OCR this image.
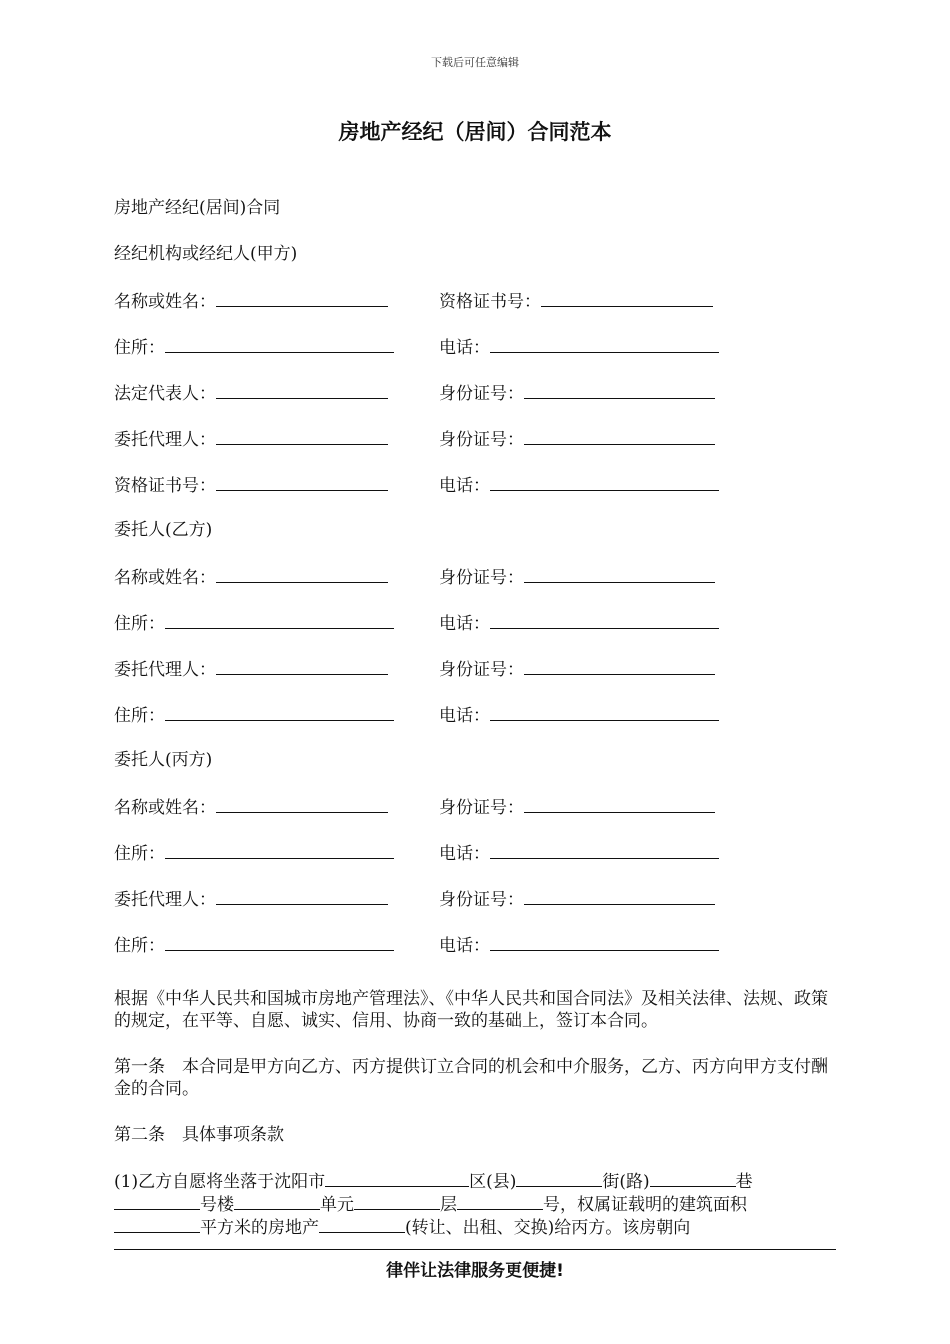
下载后可任意编辑
房地产经纪（居间）合同范本
房地产经纪(居间)合同
经纪机构或经纪人(甲方)
名称或姓名：	资格证书号：
住所：	电话：
法定代表人：	身份证号：
委托代理人：	身份证号：
资格证书号：	电话：
委托人(乙方)
名称或姓名：	身份证号：
住所：	电话：
委托代理人：	身份证号：
住所：	电话：
委托人(丙方)
名称或姓名：	身份证号：
住所：	电话：
委托代理人：	身份证号：
住所：	电话：

根据《中华人民共和国城市房地产管理法》、《中华人民共和国合同法》及相关法律、法规、政策的规定，在平等、自愿、诚实、信用、协商一致的基础上，签订本合同。

第一条　本合同是甲方向乙方、丙方提供订立合同的机会和中介服务，乙方、丙方向甲方支付酬金的合同。

第二条　具体事项条款

(1)乙方自愿将坐落于沈阳市	区(县)	街(路)	巷
号楼	单元	层	号，权属证载明的建筑面积
平方米的房地产	(转让、出租、交换)给丙方。该房朝向

律伴让法律服务更便捷!
